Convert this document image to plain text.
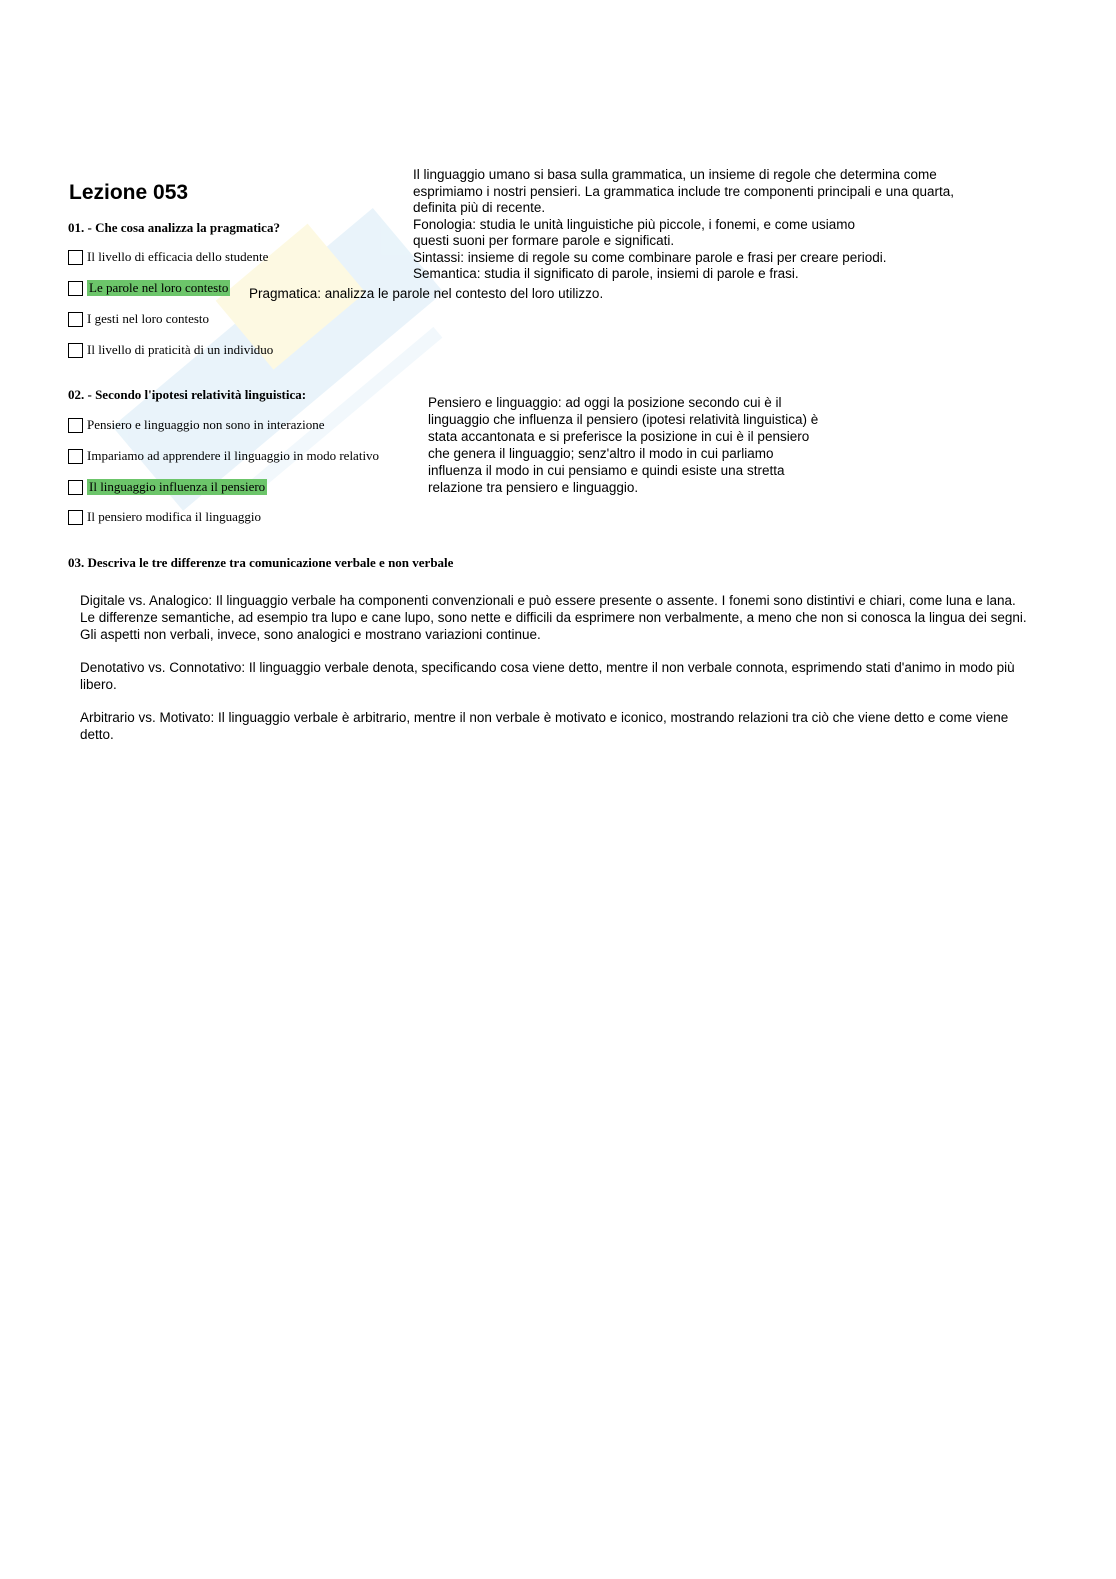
Lezione 053
01. - Che cosa analizza la pragmatica?
Il livello di efficacia dello studente
Le parole nel loro contesto
I gesti nel loro contesto
Il livello di praticità di un individuo
Il linguaggio umano si basa sulla grammatica, un insieme di regole che determina come
esprimiamo i nostri pensieri. La grammatica include tre componenti principali e una quarta,
definita più di recente.
Fonologia: studia le unità linguistiche più piccole, i fonemi, e come usiamo
questi suoni per formare parole e significati.
Sintassi: insieme di regole su come combinare parole e frasi per creare periodi.
Semantica: studia il significato di parole, insiemi di parole e frasi.
Pragmatica: analizza le parole nel contesto del loro utilizzo.
02. - Secondo l'ipotesi relatività linguistica:
Pensiero e linguaggio non sono in interazione
Impariamo ad apprendere il linguaggio in modo relativo
Il linguaggio influenza il pensiero
Il pensiero modifica il linguaggio
Pensiero e linguaggio: ad oggi la posizione secondo cui è il
linguaggio che influenza il pensiero (ipotesi relatività linguistica) è
stata accantonata e si preferisce la posizione in cui è il pensiero
che genera il linguaggio; senz'altro il modo in cui parliamo
influenza il modo in cui pensiamo e quindi esiste una stretta
relazione tra pensiero e linguaggio.
03. Descriva le tre differenze tra comunicazione verbale e non verbale

Digitale vs. Analogico: Il linguaggio verbale ha componenti convenzionali e può essere presente o assente. I fonemi sono distintivi e chiari, come luna e lana. Le differenze semantiche, ad esempio tra lupo e cane lupo, sono nette e difficili da esprimere non verbalmente, a meno che non si conosca la lingua dei segni. Gli aspetti non verbali, invece, sono analogici e mostrano variazioni continue.

Denotativo vs. Connotativo: Il linguaggio verbale denota, specificando cosa viene detto, mentre il non verbale connota, esprimendo stati d'animo in modo più libero.

Arbitrario vs. Motivato: Il linguaggio verbale è arbitrario, mentre il non verbale è motivato e iconico, mostrando relazioni tra ciò che viene detto e come viene detto.
